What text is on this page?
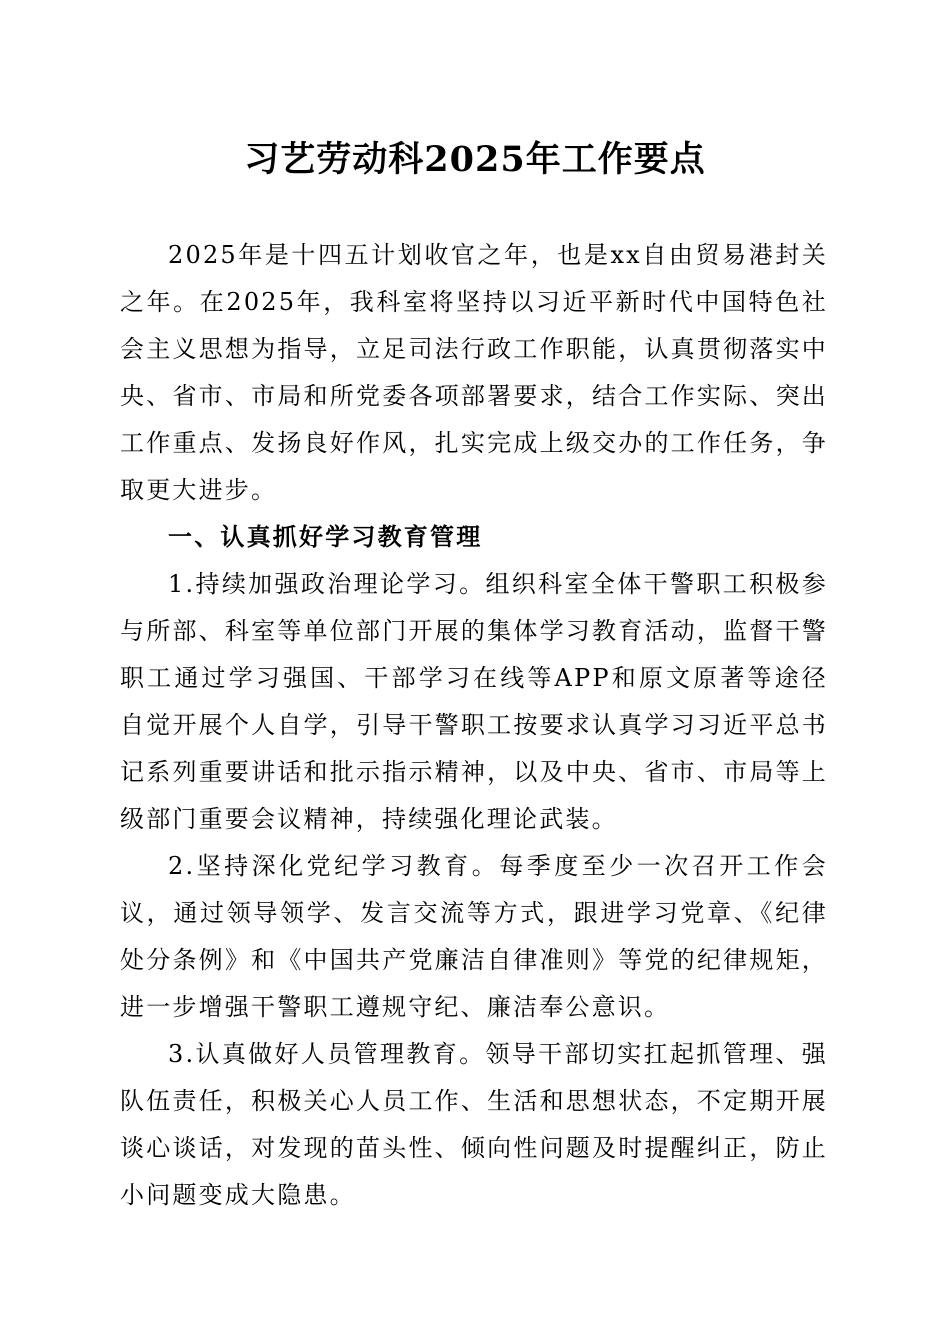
习艺劳动科2025年工作要点

2025年是十四五计划收官之年，也是xx自由贸易港封关之年。在2025年，我科室将坚持以习近平新时代中国特色社会主义思想为指导，立足司法行政工作职能，认真贯彻落实中央、省市、市局和所党委各项部署要求，结合工作实际、突出工作重点、发扬良好作风，扎实完成上级交办的工作任务，争取更大进步。

一、认真抓好学习教育管理

1.持续加强政治理论学习。组织科室全体干警职工积极参与所部、科室等单位部门开展的集体学习教育活动，监督干警职工通过学习强国、干部学习在线等APP和原文原著等途径自觉开展个人自学，引导干警职工按要求认真学习习近平总书记系列重要讲话和批示指示精神，以及中央、省市、市局等上级部门重要会议精神，持续强化理论武装。

2.坚持深化党纪学习教育。每季度至少一次召开工作会议，通过领导领学、发言交流等方式，跟进学习党章、《纪律处分条例》和《中国共产党廉洁自律准则》等党的纪律规矩，进一步增强干警职工遵规守纪、廉洁奉公意识。

3.认真做好人员管理教育。领导干部切实扛起抓管理、强队伍责任，积极关心人员工作、生活和思想状态，不定期开展谈心谈话，对发现的苗头性、倾向性问题及时提醒纠正，防止小问题变成大隐患。
